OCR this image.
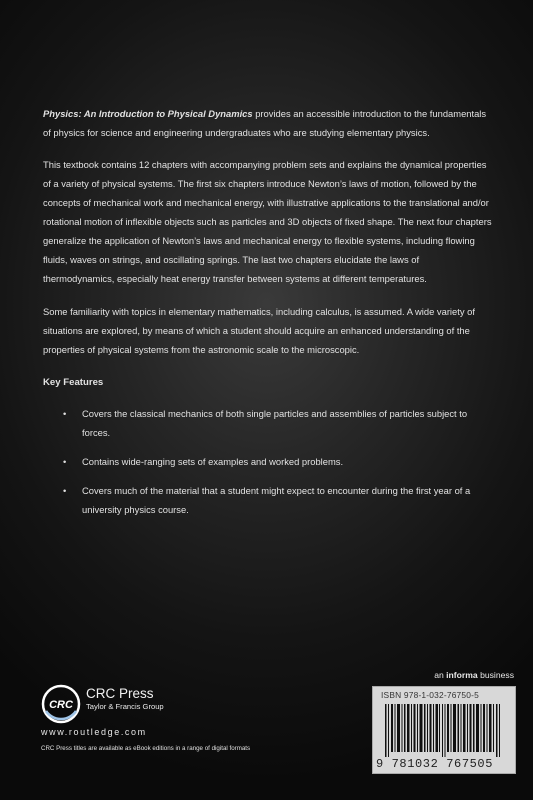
Physics: An Introduction to Physical Dynamics provides an accessible introduction to the fundamentals of physics for science and engineering undergraduates who are studying elementary physics.

This textbook contains 12 chapters with accompanying problem sets and explains the dynamical properties of a variety of physical systems. The first six chapters introduce Newton’s laws of motion, followed by the concepts of mechanical work and mechanical energy, with illustrative applications to the translational and/or rotational motion of inflexible objects such as particles and 3D objects of fixed shape. The next four chapters generalize the application of Newton’s laws and mechanical energy to flexible systems, including flowing fluids, waves on strings, and oscillating springs. The last two chapters elucidate the laws of thermodynamics, especially heat energy transfer between systems at different temperatures.

Some familiarity with topics in elementary mathematics, including calculus, is assumed. A wide variety of situations are explored, by means of which a student should acquire an enhanced understanding of the properties of physical systems from the astronomic scale to the microscopic.

Key Features
• Covers the classical mechanics of both single particles and assemblies of particles subject to forces.
• Contains wide-ranging sets of examples and worked problems.
• Covers much of the material that a student might expect to encounter during the first year of a university physics course.
an informa business
ISBN 978-1-032-76750-5
9 781032 767505
CRC
CRC Press
Taylor & Francis Group
www.routledge.com
CRC Press titles are available as eBook editions in a range of digital formats
